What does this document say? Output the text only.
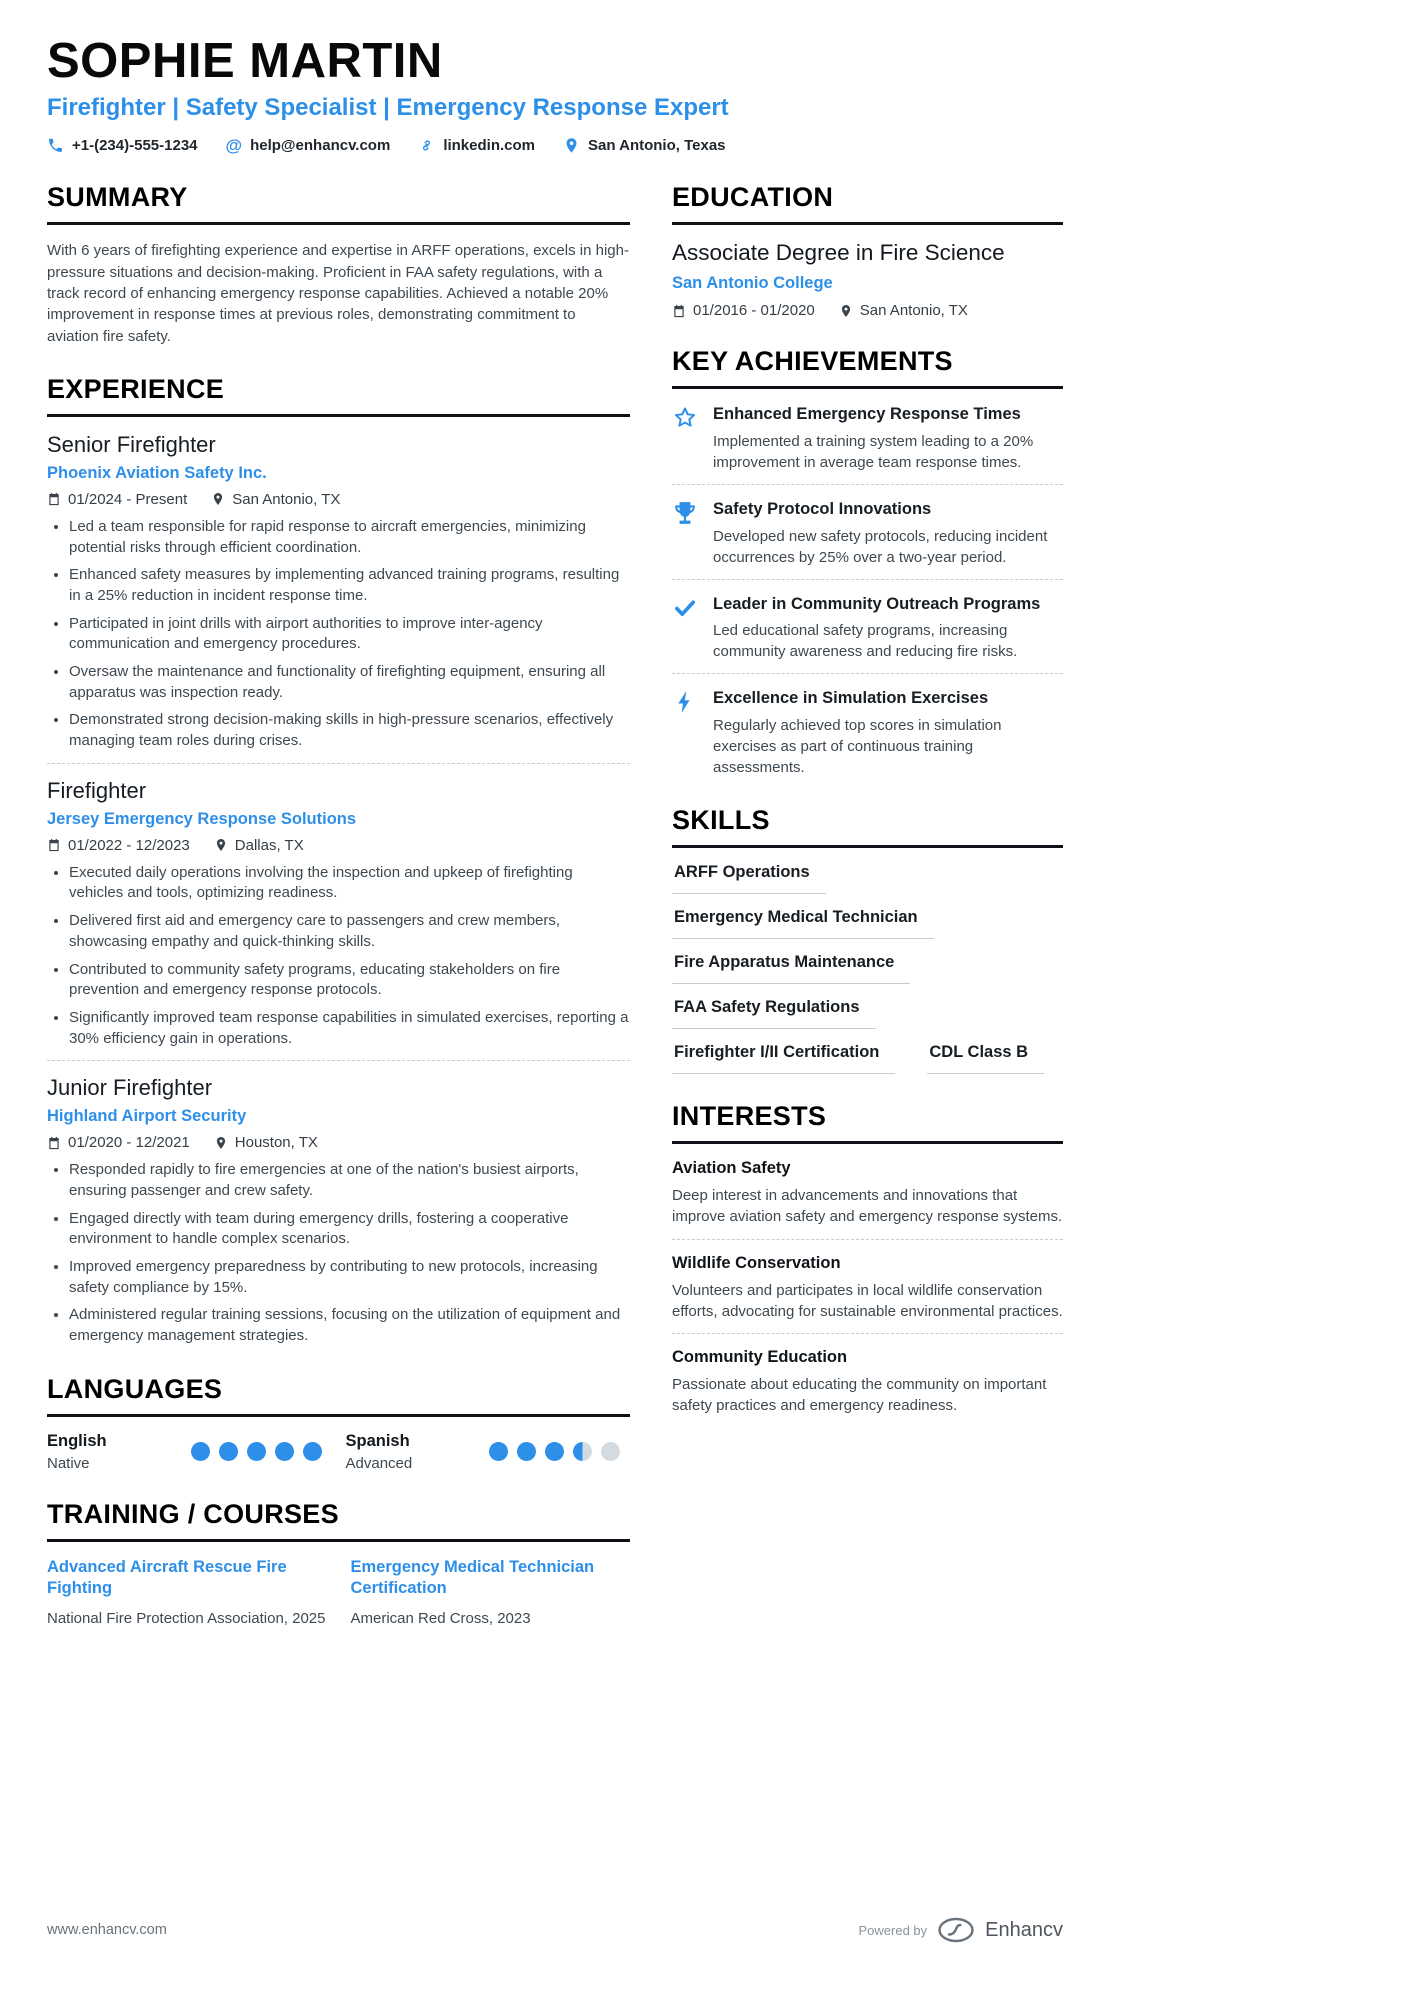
SOPHIE MARTIN
Firefighter | Safety Specialist | Emergency Response Expert
+1-(234)-555-1234 @ help@enhancv.com	linkedin.com	San Antonio, Texas
SUMMARY

With 6 years of firefighting experience and expertise in ARFF operations, excels in high-pressure situations and decision-making. Proficient in FAA safety regulations, with a track record of enhancing emergency response capabilities. Achieved a notable 20% improvement in response times at previous roles, demonstrating commitment to aviation fire safety.

EXPERIENCE
Senior Firefighter
Phoenix Aviation Safety Inc.
01/2024 - Present	San Antonio, TX
• Led a team responsible for rapid response to aircraft emergencies, minimizing potential risks through efficient coordination.
• Enhanced safety measures by implementing advanced training programs, resulting in a 25% reduction in incident response time.
• Participated in joint drills with airport authorities to improve inter-agency communication and emergency procedures.
• Oversaw the maintenance and functionality of firefighting equipment, ensuring all apparatus was inspection ready.
• Demonstrated strong decision-making skills in high-pressure scenarios, effectively managing team roles during crises.
Firefighter
Jersey Emergency Response Solutions
01/2022 - 12/2023	Dallas, TX
• Executed daily operations involving the inspection and upkeep of firefighting vehicles and tools, optimizing readiness.
• Delivered first aid and emergency care to passengers and crew members, showcasing empathy and quick-thinking skills.
• Contributed to community safety programs, educating stakeholders on fire prevention and emergency response protocols.
• Significantly improved team response capabilities in simulated exercises, reporting a 30% efficiency gain in operations.
Junior Firefighter
Highland Airport Security
01/2020 - 12/2021	Houston, TX
• Responded rapidly to fire emergencies at one of the nation's busiest airports, ensuring passenger and crew safety.
• Engaged directly with team during emergency drills, fostering a cooperative environment to handle complex scenarios.
• Improved emergency preparedness by contributing to new protocols, increasing safety compliance by 15%.
• Administered regular training sessions, focusing on the utilization of equipment and emergency management strategies.
LANGUAGES
English
Native
Spanish
Advanced
TRAINING / COURSES
Advanced Aircraft Rescue Fire Fighting
National Fire Protection Association, 2025
Emergency Medical Technician Certification
American Red Cross, 2023
EDUCATION
Associate Degree in Fire Science
San Antonio College
01/2016 - 01/2020	San Antonio, TX
KEY ACHIEVEMENTS
Enhanced Emergency Response Times
Implemented a training system leading to a 20% improvement in average team response times.
Safety Protocol Innovations
Developed new safety protocols, reducing incident occurrences by 25% over a two-year period.
Leader in Community Outreach Programs
Led educational safety programs, increasing community awareness and reducing fire risks.
Excellence in Simulation Exercises
Regularly achieved top scores in simulation exercises as part of continuous training assessments.
SKILLS
ARFF Operations
Emergency Medical Technician
Fire Apparatus Maintenance
FAA Safety Regulations
Firefighter I/II Certification	CDL Class B
INTERESTS
Aviation Safety

Deep interest in advancements and innovations that improve aviation safety and emergency response systems.

Wildlife Conservation

Volunteers and participates in local wildlife conservation efforts, advocating for sustainable environmental practices.

Community Education

Passionate about educating the community on important safety practices and emergency readiness.

www.enhancv.com	Powered by	Enhancv
